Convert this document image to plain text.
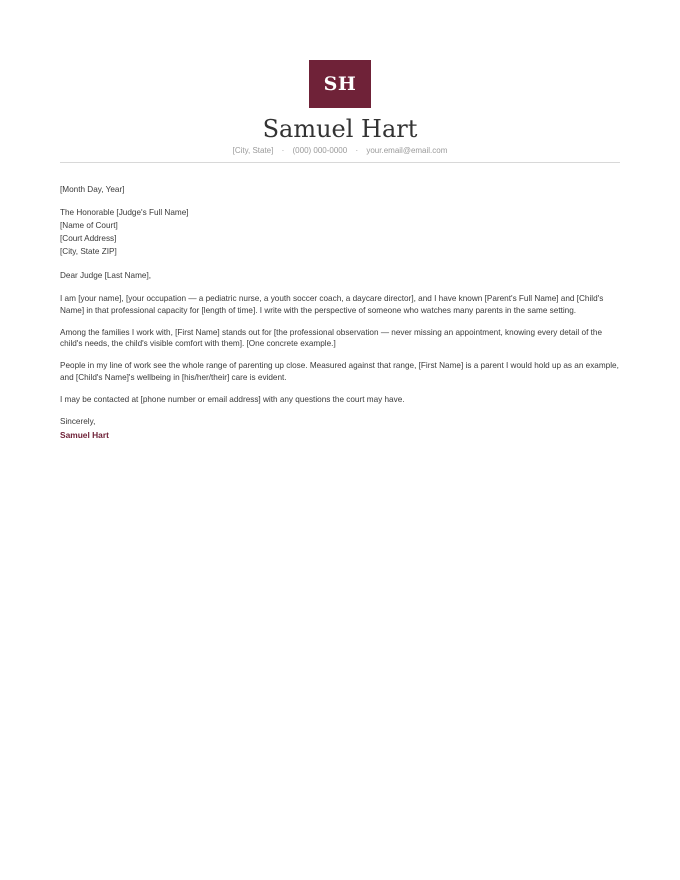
SH
Samuel Hart
[City, State] · (000) 000-0000 · your.email@email.com

[Month Day, Year]

The Honorable [Judge's Full Name]
[Name of Court]
[Court Address]
[City, State ZIP]

Dear Judge [Last Name],

I am [your name], [your occupation — a pediatric nurse, a youth soccer coach, a daycare director], and I have known [Parent's Full Name] and [Child's Name] in that professional capacity for [length of time]. I write with the perspective of someone who watches many parents in the same setting.

Among the families I work with, [First Name] stands out for [the professional observation — never missing an appointment, knowing every detail of the child's needs, the child's visible comfort with them]. [One concrete example.]

People in my line of work see the whole range of parenting up close. Measured against that range, [First Name] is a parent I would hold up as an example, and [Child's Name]'s wellbeing in [his/her/their] care is evident.

I may be contacted at [phone number or email address] with any questions the court may have.

Sincerely,

Samuel Hart
